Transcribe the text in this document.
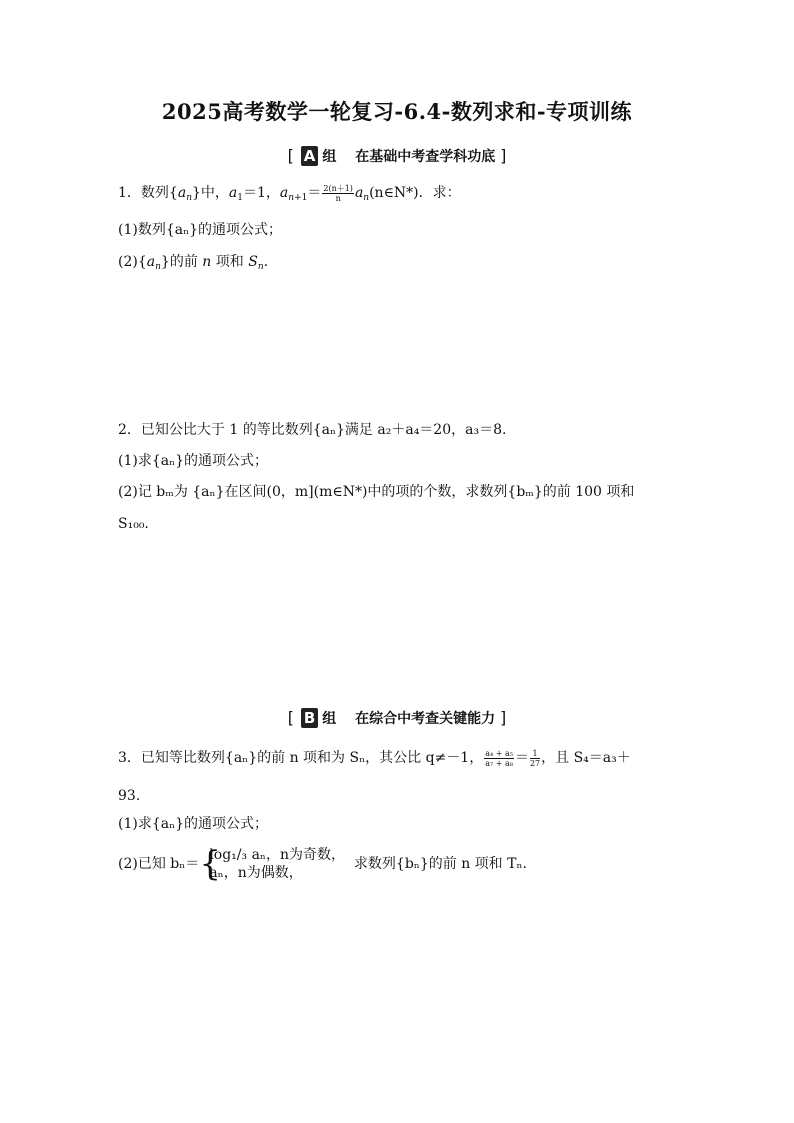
2025高考数学一轮复习-6.4-数列求和-专项训练
[ A 组 在基础中考查学科功底 ]
1．数列$\{a_n\}$中，$a_1=1$，$a_{n+1}= \frac{2(n+1)}{n}$ $a_n(n\in N*)$．求：
(1)数列{aₙ}的通项公式；
$(2)\{a_n\}$的前 n 项和 $S_n$.
2．已知公比大于 1 的等比数列{aₙ}满足 a₂＋a₄＝20，a₃＝8.
(1)求{aₙ}的通项公式；
(2)记 bₘ为 {aₙ}在区间(0，m](m∈N*)中的项的个数，求数列{bₘ}的前 100 项和
S₁₀₀.
[ B 组 在综合中考查关键能力 ]
3．已知等比数列{aₙ}的前 n 项和为 Sₙ，其公比 q≠－1， $\frac{\text{a₄ + a₅}}{\text{a₇ + a₈}} = \frac{1}{27}$ ，且 S₄＝a₃＋
93.
(1)求{aₙ}的通项公式；
(2)已知 bₙ＝ {
log₁/₃ aₙ，n为奇数，
aₙ，n为偶数，
求数列{bₙ}的前 n 项和 Tₙ.
